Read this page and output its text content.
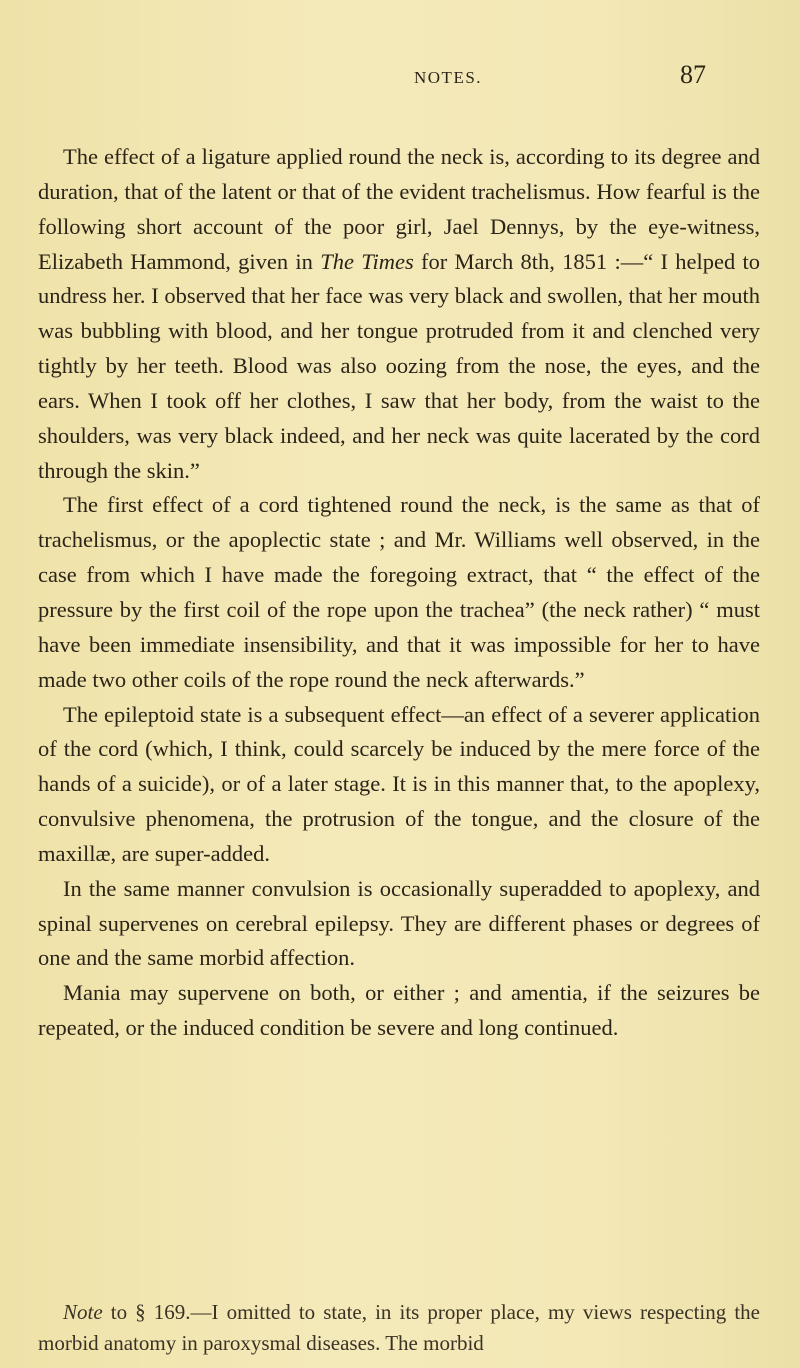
NOTES.	87

The effect of a ligature applied round the neck is, according to its degree and duration, that of the latent or that of the evident trachelismus. How fearful is the following short account of the poor girl, Jael Dennys, by the eye-witness, Elizabeth Hammond, given in The Times for March 8th, 1851 :—“ I helped to undress her. I observed that her face was very black and swollen, that her mouth was bubbling with blood, and her tongue protruded from it and clenched very tightly by her teeth. Blood was also oozing from the nose, the eyes, and the ears. When I took off her clothes, I saw that her body, from the waist to the shoulders, was very black indeed, and her neck was quite lacerated by the cord through the skin.”

The first effect of a cord tightened round the neck, is the same as that of trachelismus, or the apoplectic state ; and Mr. Williams well observed, in the case from which I have made the foregoing extract, that “ the effect of the pressure by the first coil of the rope upon the trachea” (the neck rather) “ must have been immediate insensibility, and that it was impossible for her to have made two other coils of the rope round the neck afterwards.”

The epileptoid state is a subsequent effect—an effect of a severer application of the cord (which, I think, could scarcely be induced by the mere force of the hands of a suicide), or of a later stage. It is in this manner that, to the apoplexy, convulsive phenomena, the protrusion of the tongue, and the closure of the maxillæ, are super-added.

In the same manner convulsion is occasionally superadded to apoplexy, and spinal supervenes on cerebral epilepsy. They are different phases or degrees of one and the same morbid affection.

Mania may supervene on both, or either ; and amentia, if the seizures be repeated, or the induced condition be severe and long continued.

Note to § 169.—I omitted to state, in its proper place, my views respecting the morbid anatomy in paroxysmal diseases. The morbid
